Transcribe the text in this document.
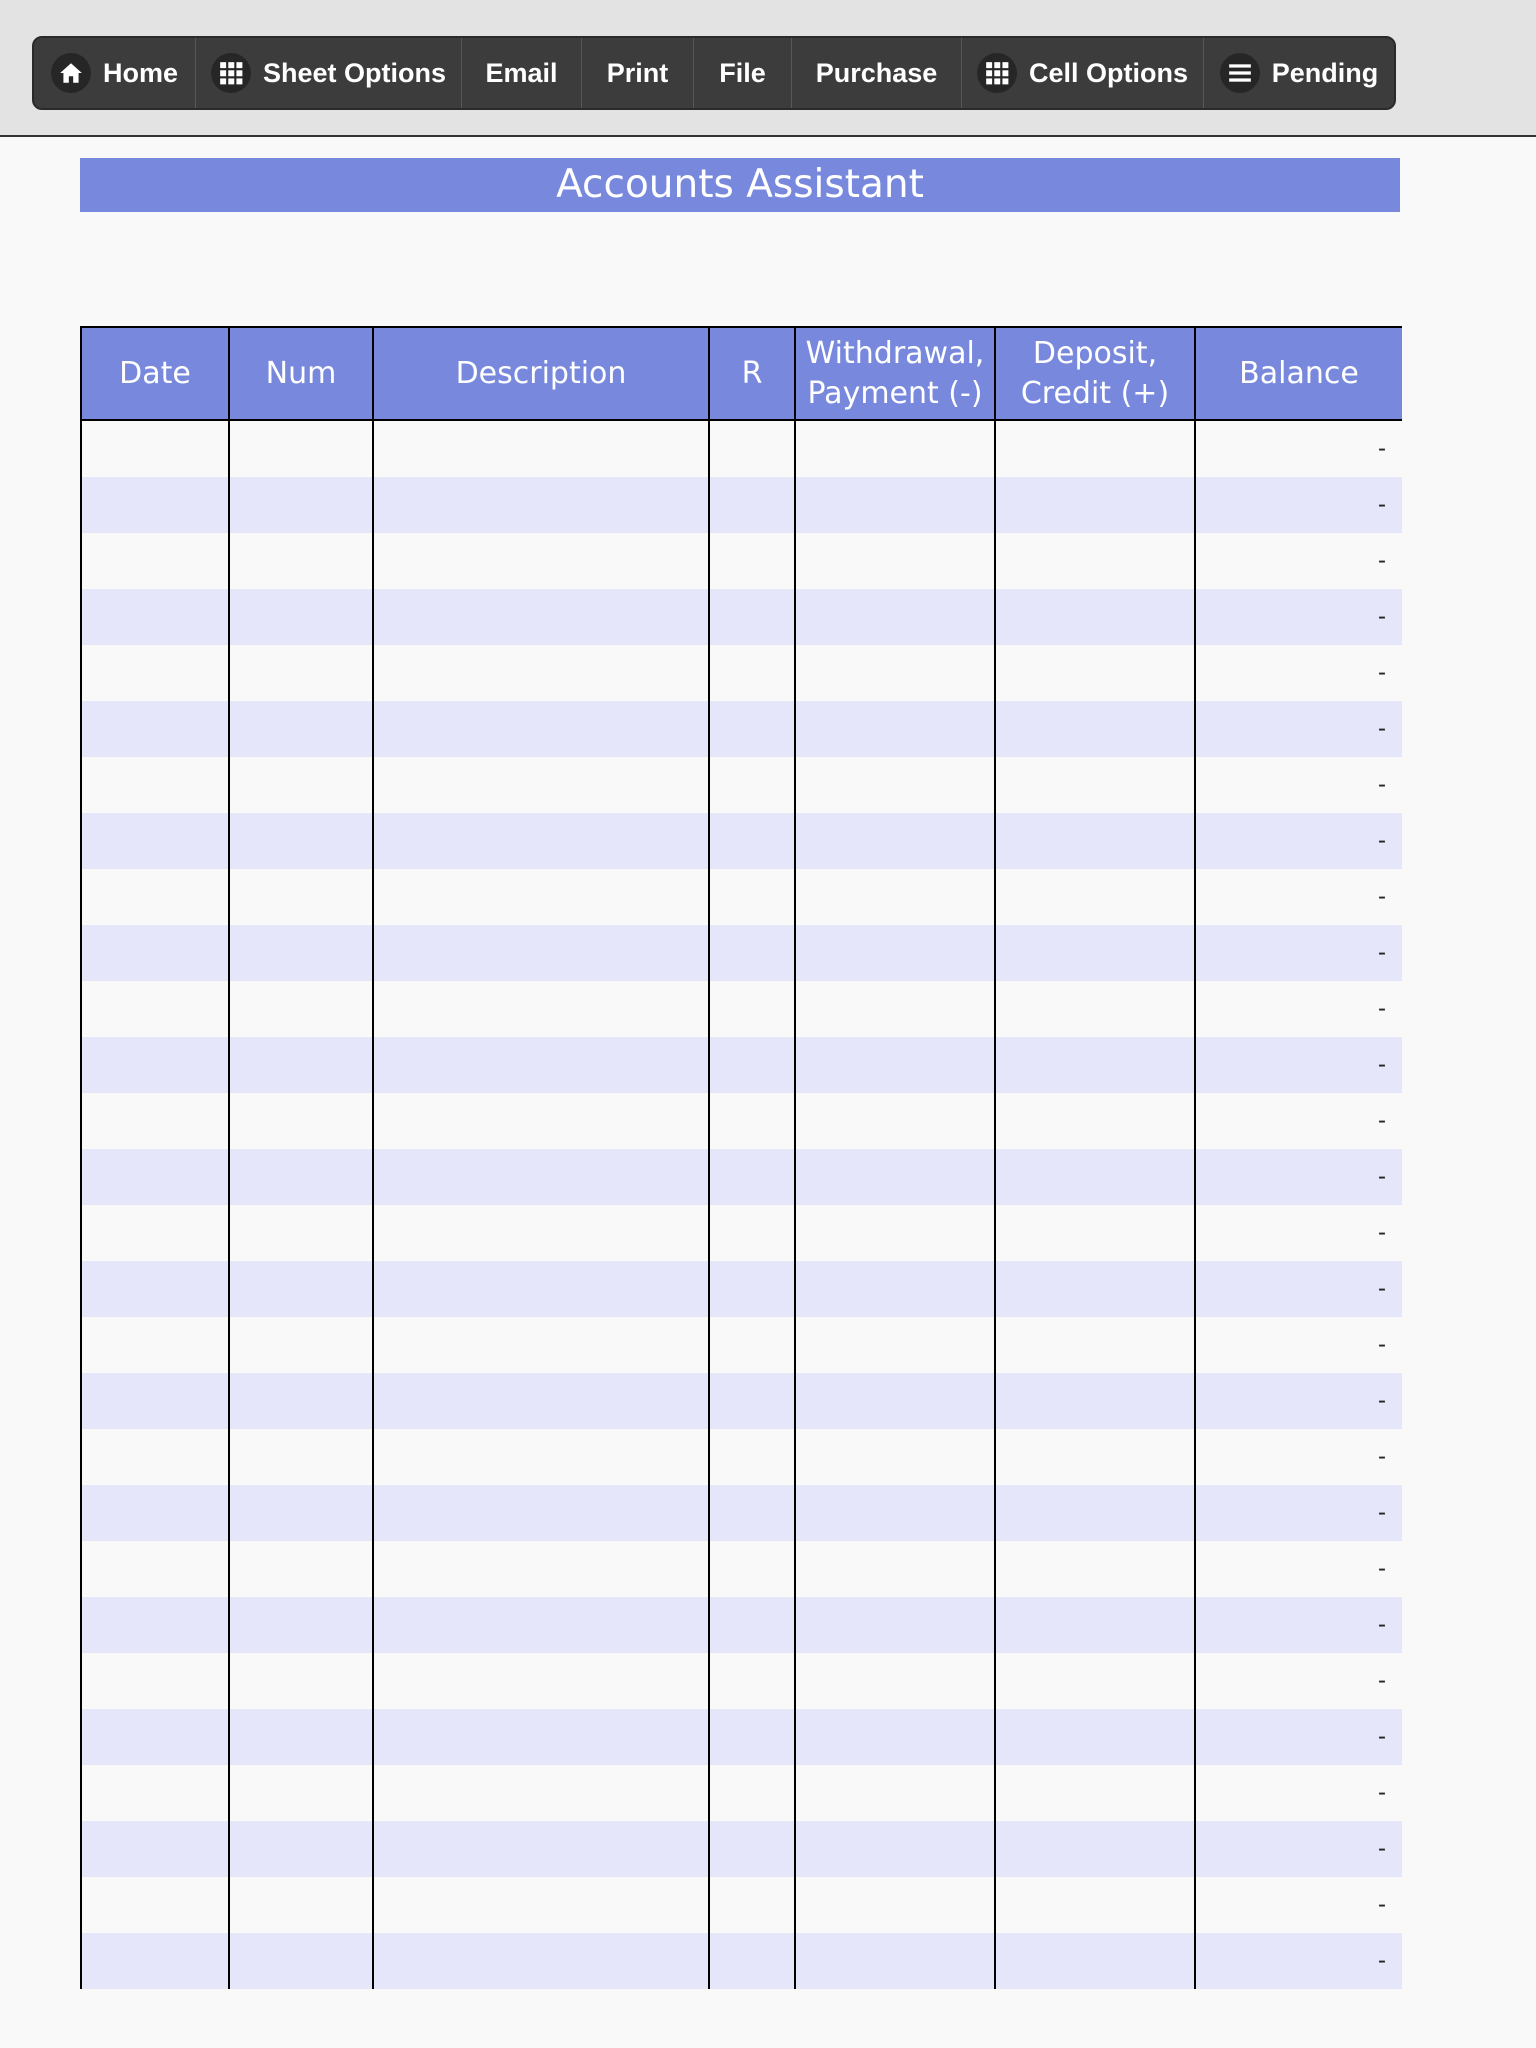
Home	Sheet Options Email Print File Purchase	Cell Options	Pending
Accounts Assistant
Date	Num	Description	R	Withdrawal, Payment (-)	Deposit, Credit (+)	Balance
						-
						-
						-
						-
						-
						-
						-
						-
						-
						-
						-
						-
						-
						-
						-
						-
						-
						-
						-
						-
						-
						-
						-
						-
						-
						-
						-
						-
